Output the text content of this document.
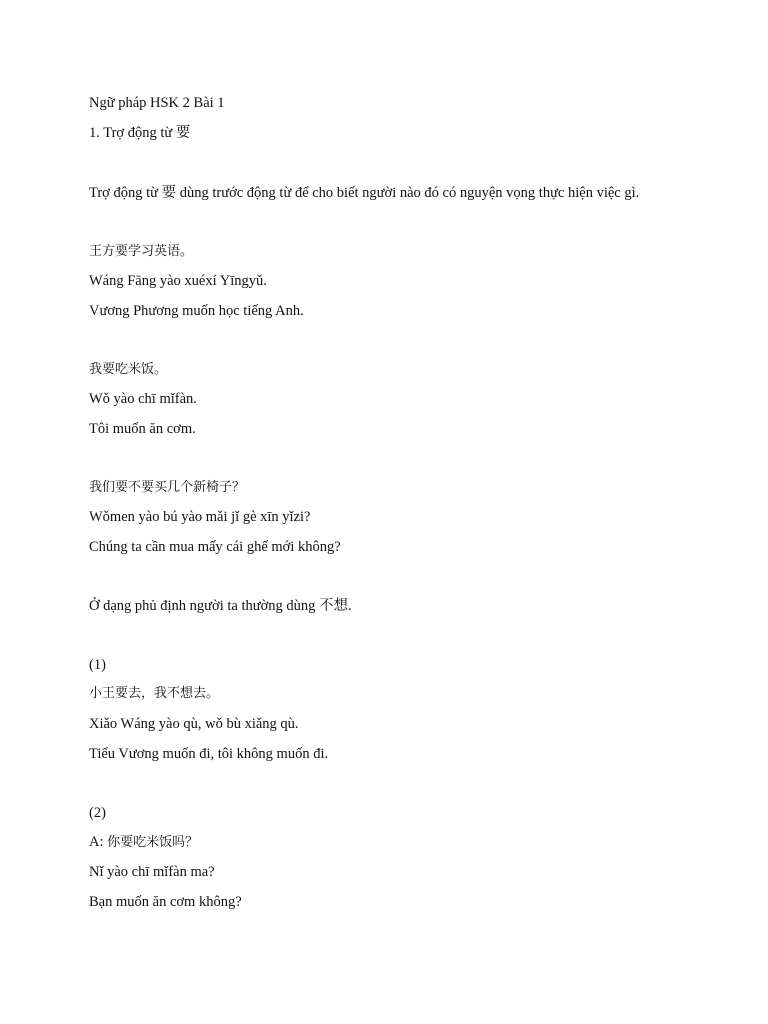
Ngữ pháp HSK 2 Bài 1
1. Trợ động từ 要
Trợ động từ 要 dùng trước động từ để cho biết người nào đó có nguyện vọng thực hiện việc gì.
王方要学习英语。
Wáng Fāng yào xuéxí Yīngyǔ.
Vương Phương muốn học tiếng Anh.
我要吃米饭。
Wǒ yào chī mǐfàn.
Tôi muốn ăn cơm.
我们要不要买几个新椅子？
Wǒmen yào bú yào mǎi jǐ gè xīn yǐzi?
Chúng ta cần mua mấy cái ghế mới không?
Ở dạng phủ định người ta thường dùng 不想.
(1)
小王要去，我不想去。
Xiǎo Wáng yào qù, wǒ bù xiǎng qù.
Tiểu Vương muốn đi, tôi không muốn đi.
(2)
A: 你要吃米饭吗？
Nǐ yào chī mǐfàn ma?
Bạn muốn ăn cơm không?
